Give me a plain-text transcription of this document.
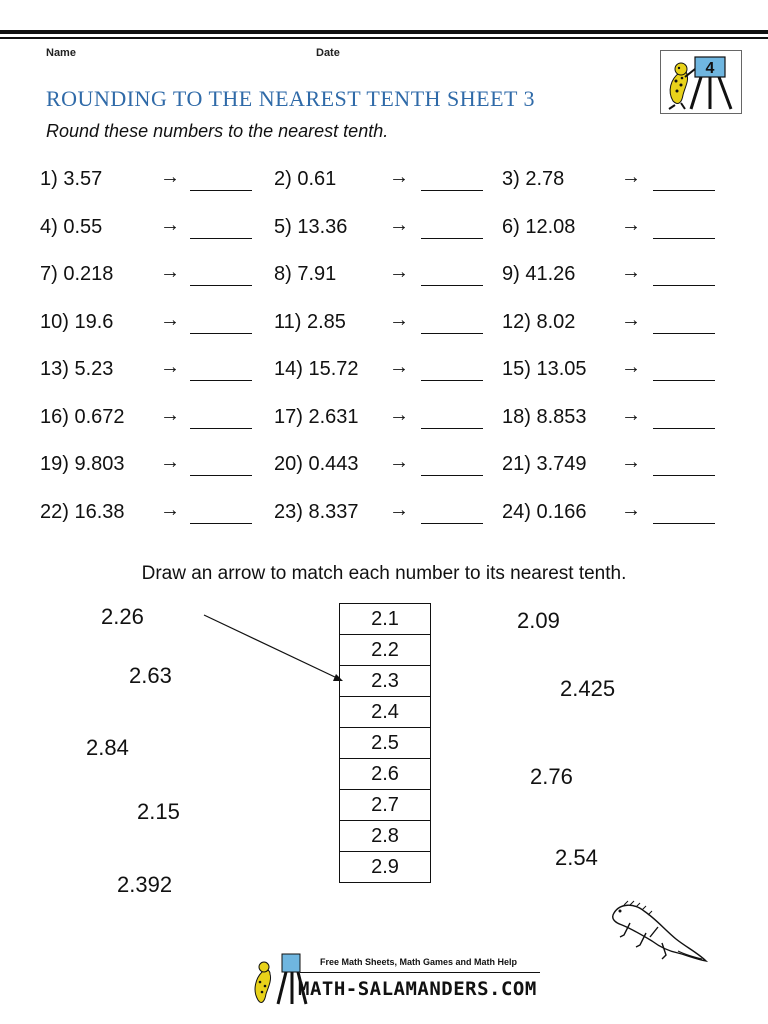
Name	Date
4
ROUNDING TO THE NEAREST TENTH SHEET 3
Round these numbers to the nearest tenth.
1) 3.57	→	2) 0.61	→	3) 2.78	→
4) 0.55	→	5) 13.36 →	6) 12.08 →
7) 0.218 →	8) 7.91	→	9) 41.26 →
10) 19.6 →	11) 2.85 →	12) 8.02 →
13) 5.23 →	14) 15.72 →	15) 13.05 →
16) 0.672 →	17) 2.631 →	18) 8.853 →
19) 9.803 →	20) 0.443 →	21) 3.749 →
22) 16.38 →	23) 8.337 →	24) 0.166 →
Draw an arrow to match each number to its nearest tenth.
2.26
2.63
2.84
2.15
2.392
2.1
2.2
2.3
2.4
2.5
2.6
2.7
2.8
2.9
2.09
2.425
2.76
2.54
Free Math Sheets, Math Games and Math Help
MATH-SALAMANDERS.COM
